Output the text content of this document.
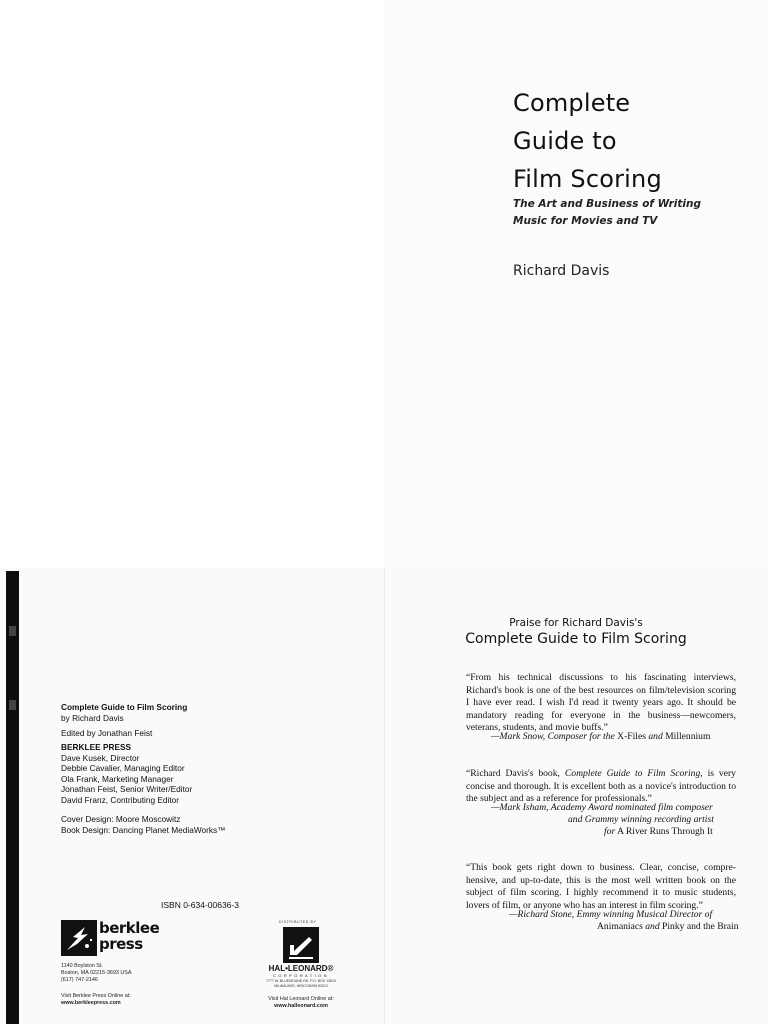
Complete
Guide to
Film Scoring
The Art and Business of Writing
Music for Movies and TV
Richard Davis
Complete Guide to Film Scoring
by Richard Davis
Edited by Jonathan Feist
BERKLEE PRESS
Dave Kusek, Director
Debbie Cavalier, Managing Editor
Ola Frank, Marketing Manager
Jonathan Feist, Senior Writer/Editor
David Franz, Contributing Editor
Cover Design: Moore Moscowitz
Book Design: Dancing Planet MediaWorks™
ISBN 0-634-00636-3
berklee
press
1140 Boylston St.
Boston, MA 02215-3693 USA
(617) 747-2146
Visit Berklee Press Online at:
www.berkleepress.com
DISTRIBUTED BY
HAL•LEONARD®
CORPORATION
7777 W. BLUEMOUND RD. P.O. BOX 13819
MILWAUKEE, WISCONSIN 53213
Visit Hal Leonard Online at:
www.halleonard.com
Praise for Richard Davis's
Complete Guide to Film Scoring
“From his technical discussions to his fascinating interviews, Richard's book is one of the best resources on film/television scoring I have ever read. I wish I'd read it twenty years ago. It should be mandatory reading for everyone in the business—newcomers, veterans, students, and movie buffs.”
—Mark Snow, Composer for the X-Files and Millennium
“Richard Davis's book, Complete Guide to Film Scoring, is very concise and thorough. It is excellent both as a novice's introduction to the subject and as a reference for professionals.”
—Mark Isham, Academy Award nominated film composer
and Grammy winning recording artist
for A River Runs Through It
“This book gets right down to business. Clear, concise, comprehensive, and up-to-date, this is the most well written book on the subject of film scoring. I highly recommend it to music students, lovers of film, or anyone who has an interest in film scoring.”
—Richard Stone, Emmy winning Musical Director of
Animaniacs and Pinky and the Brain
